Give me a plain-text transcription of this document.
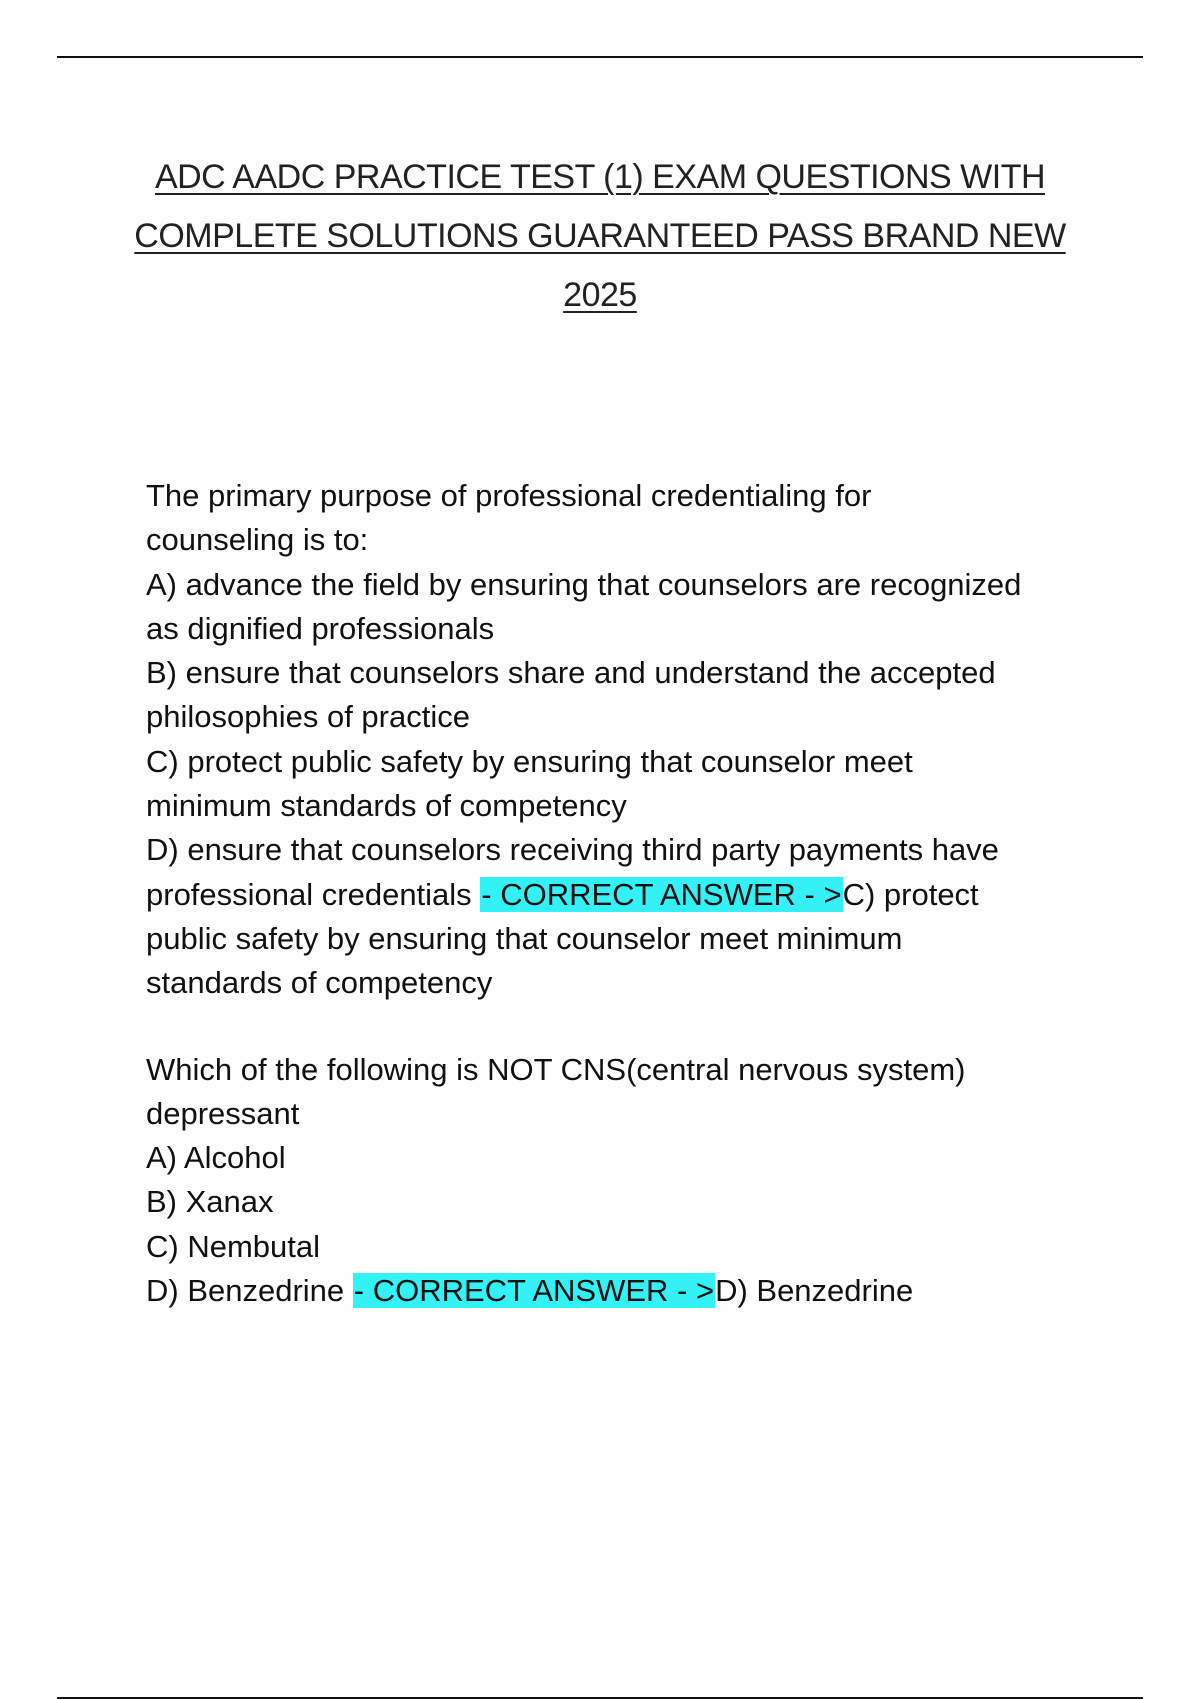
ADC AADC PRACTICE TEST (1) EXAM QUESTIONS WITH
COMPLETE SOLUTIONS GUARANTEED PASS BRAND NEW
2025
The primary purpose of professional credentialing for
counseling is to:
A) advance the field by ensuring that counselors are recognized
as dignified professionals
B) ensure that counselors share and understand the accepted
philosophies of practice
C) protect public safety by ensuring that counselor meet
minimum standards of competency
D) ensure that counselors receiving third party payments have
professional credentials - CORRECT ANSWER - >C) protect
public safety by ensuring that counselor meet minimum
standards of competency
Which of the following is NOT CNS(central nervous system)
depressant
A) Alcohol
B) Xanax
C) Nembutal
D) Benzedrine - CORRECT ANSWER - >D) Benzedrine
